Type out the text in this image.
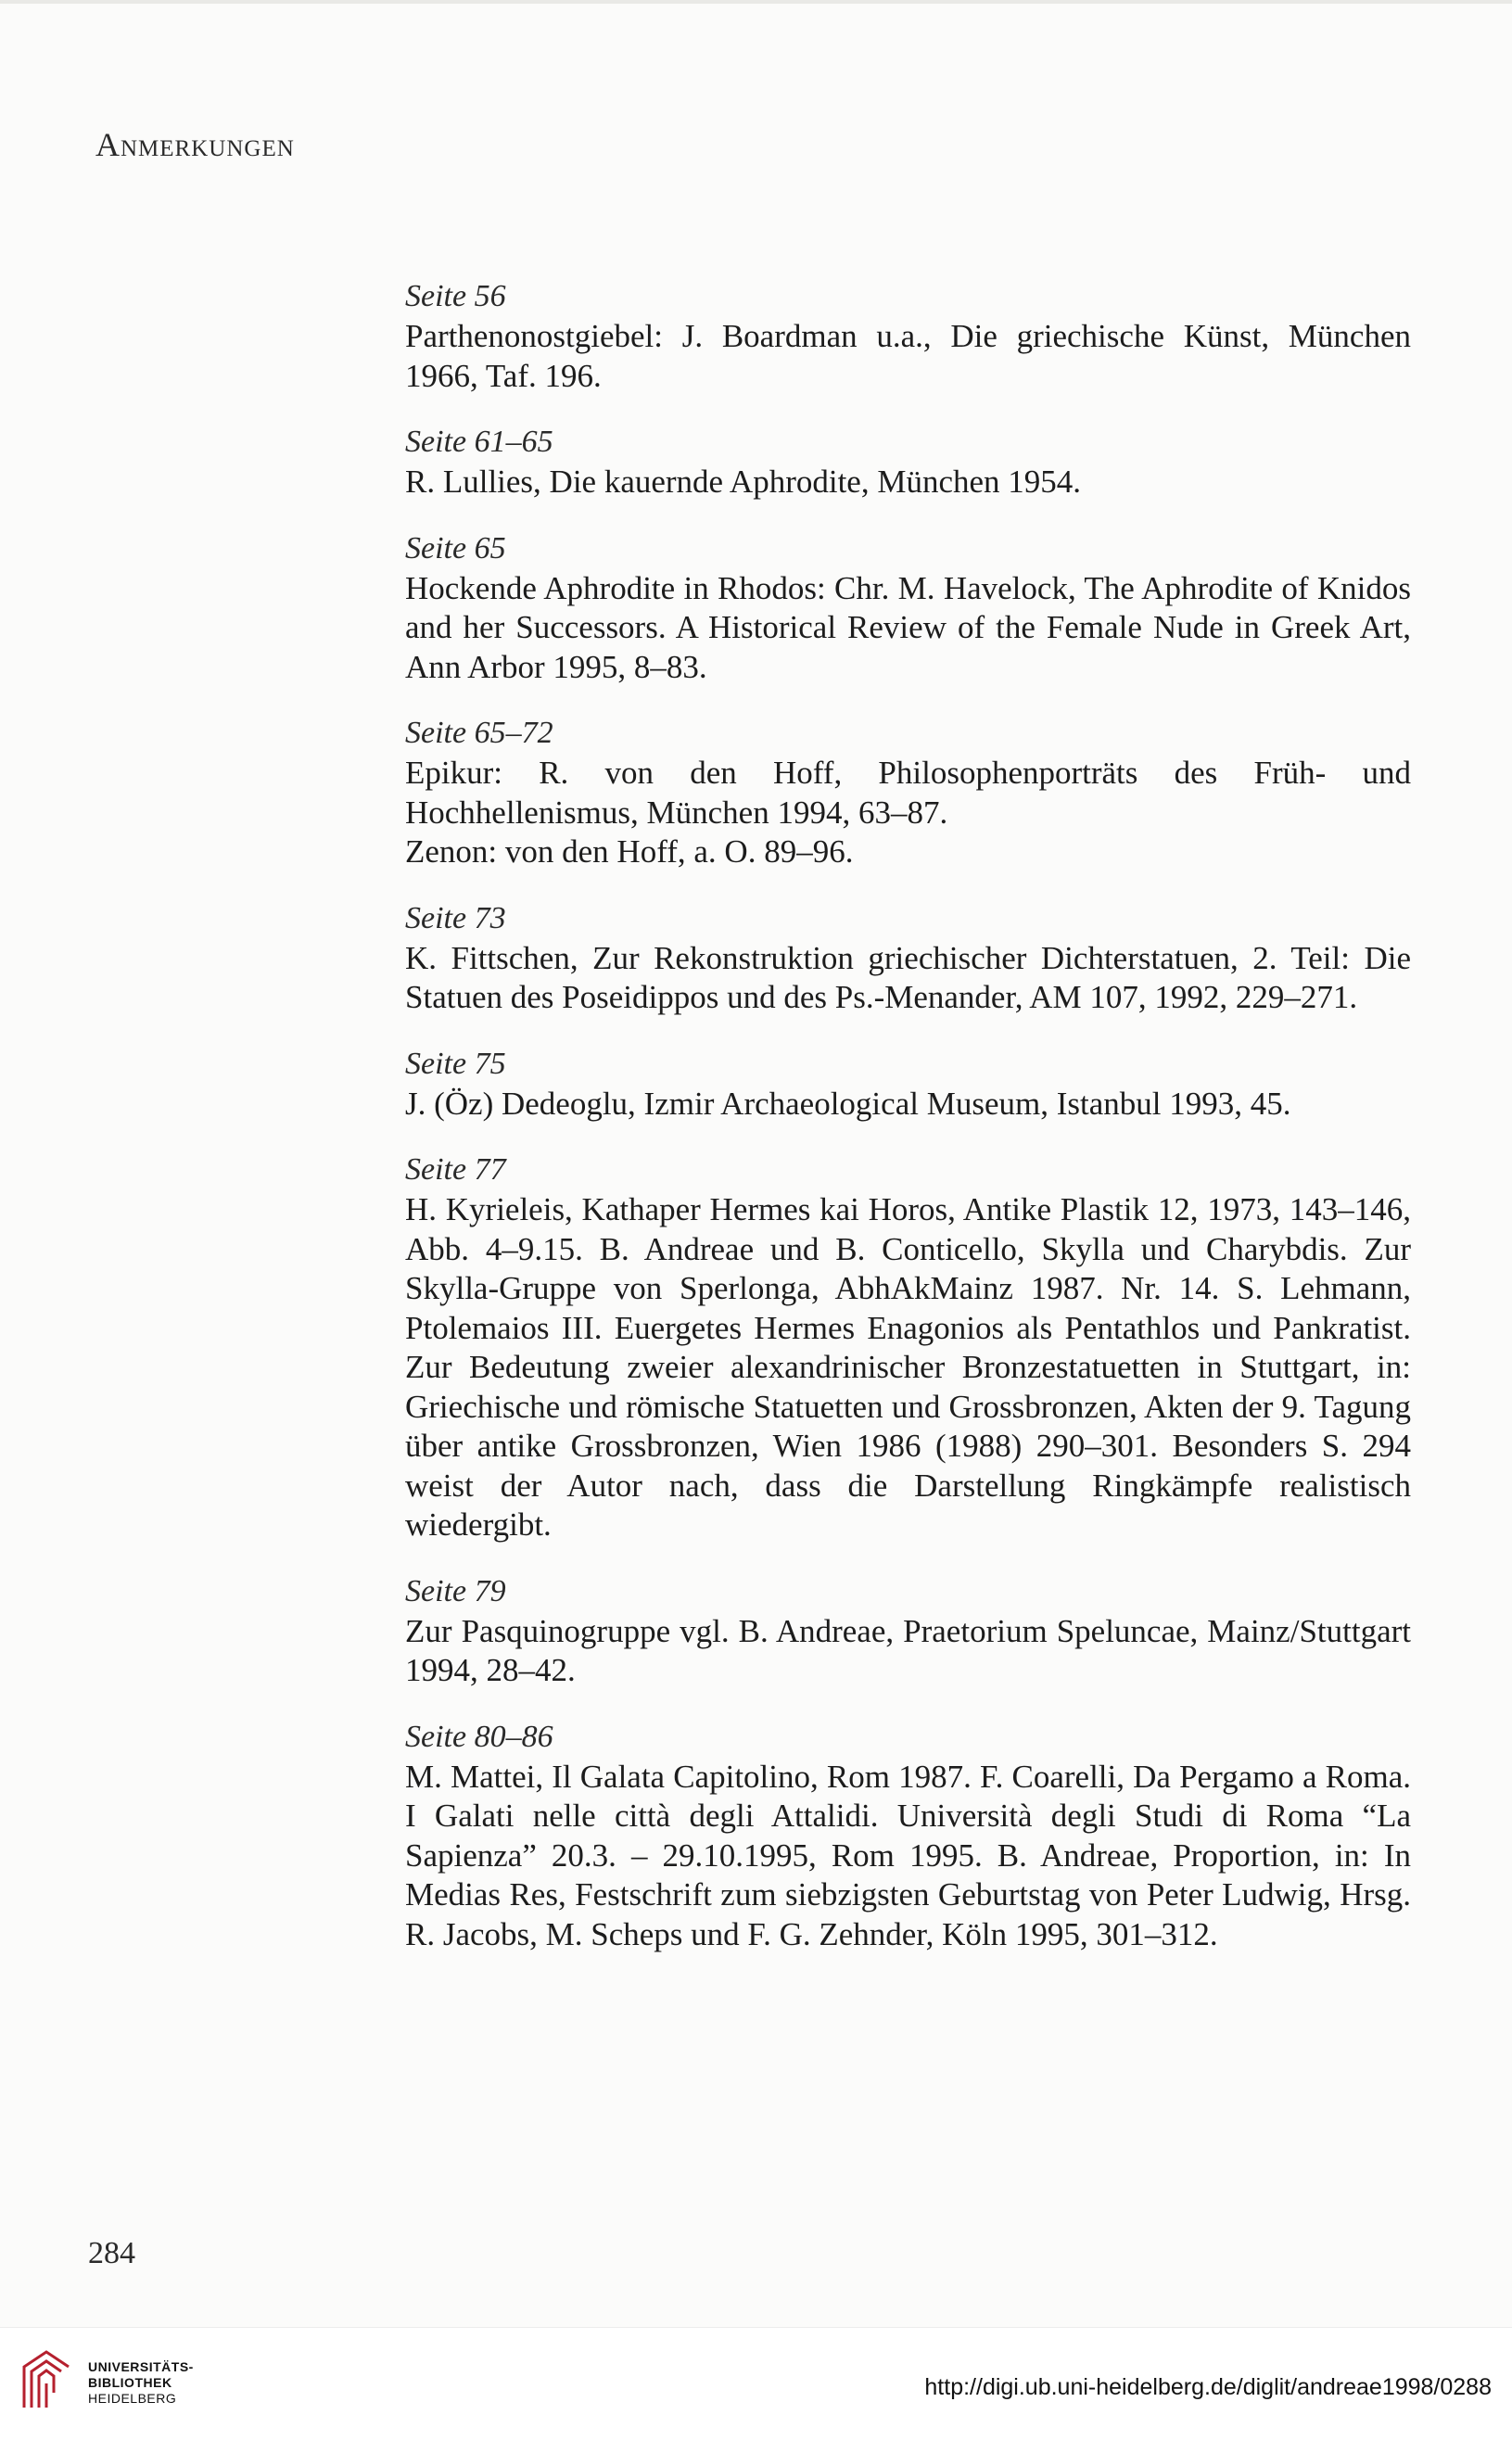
Anmerkungen
Seite 56

Parthenonostgiebel: J. Boardman u.a., Die griechische Künst, München 1966, Taf. 196.

Seite 61–65

R. Lullies, Die kauernde Aphrodite, München 1954.

Seite 65

Hockende Aphrodite in Rhodos: Chr. M. Havelock, The Aphrodite of Knidos and her Successors. A Historical Review of the Female Nude in Greek Art, Ann Arbor 1995, 8–83.

Seite 65–72

Epikur: R. von den Hoff, Philosophenporträts des Früh- und Hochhellenismus, München 1994, 63–87.

Zenon: von den Hoff, a. O. 89–96.

Seite 73

K. Fittschen, Zur Rekonstruktion griechischer Dichterstatuen, 2. Teil: Die Statuen des Poseidippos und des Ps.-Menander, AM 107, 1992, 229–271.

Seite 75

J. (Öz) Dedeoglu, Izmir Archaeological Museum, Istanbul 1993, 45.

Seite 77

H. Kyrieleis, Kathaper Hermes kai Horos, Antike Plastik 12, 1973, 143–146, Abb. 4–9.15. B. Andreae und B. Conticello, Skylla und Charybdis. Zur Skylla-Gruppe von Sperlonga, AbhAkMainz 1987. Nr. 14. S. Lehmann, Ptolemaios III. Euergetes Hermes Enagonios als Pentathlos und Pankratist. Zur Bedeutung zweier alexandrinischer Bronzestatuetten in Stuttgart, in: Griechische und römische Statuetten und Grossbronzen, Akten der 9. Tagung über antike Grossbronzen, Wien 1986 (1988) 290–301. Besonders S. 294 weist der Autor nach, dass die Darstellung Ringkämpfe realistisch wiedergibt.

Seite 79

Zur Pasquinogruppe vgl. B. Andreae, Praetorium Speluncae, Mainz/Stuttgart 1994, 28–42.

Seite 80–86

M. Mattei, Il Galata Capitolino, Rom 1987. F. Coarelli, Da Pergamo a Roma. I Galati nelle città degli Attalidi. Università degli Studi di Roma “La Sapienza” 20.3. – 29.10.1995, Rom 1995. B. Andreae, Proportion, in: In Medias Res, Festschrift zum siebzigsten Geburtstag von Peter Ludwig, Hrsg. R. Jacobs, M. Scheps und F. G. Zehnder, Köln 1995, 301–312.

284
UNIVERSITÄTS-
BIBLIOTHEK
HEIDELBERG	http://digi.ub.uni-heidelberg.de/diglit/andreae1998/0288
